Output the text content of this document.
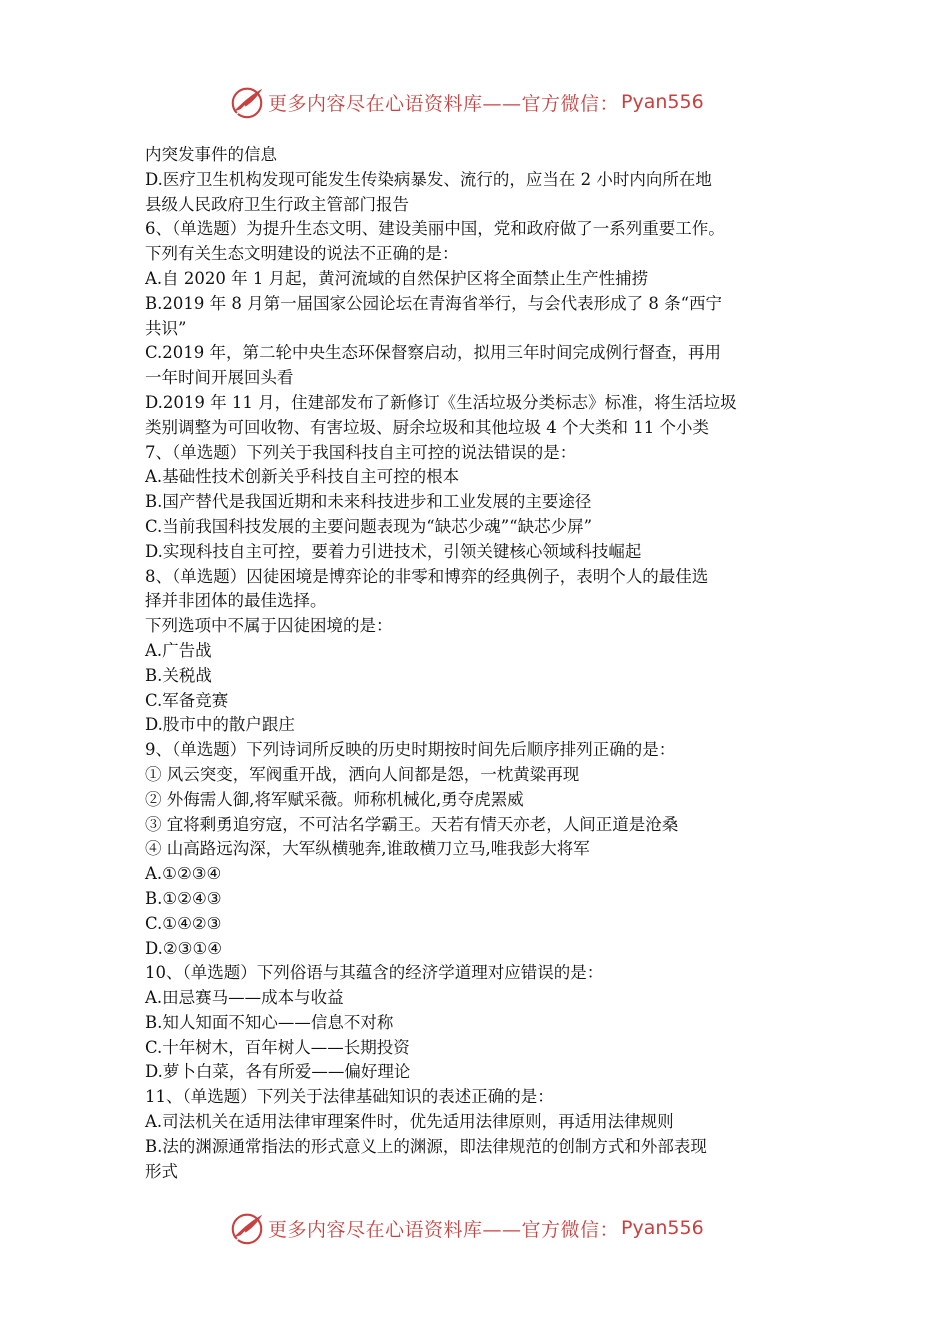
更多内容尽在心语资料库——官方微信： Pyan556

内突发事件的信息

D.医疗卫生机构发现可能发生传染病暴发、流行的，应当在 2 小时内向所在地

县级人民政府卫生行政主管部门报告

6、（单选题）为提升生态文明、建设美丽中国，党和政府做了一系列重要工作。

下列有关生态文明建设的说法不正确的是：

A.自 2020 年 1 月起，黄河流域的自然保护区将全面禁止生产性捕捞

B.2019 年 8 月第一届国家公园论坛在青海省举行，与会代表形成了 8 条“西宁

共识”

C.2019 年，第二轮中央生态环保督察启动，拟用三年时间完成例行督查，再用

一年时间开展回头看

D.2019 年 11 月，住建部发布了新修订《生活垃圾分类标志》标准，将生活垃圾

类别调整为可回收物、有害垃圾、厨余垃圾和其他垃圾 4 个大类和 11 个小类

7、（单选题）下列关于我国科技自主可控的说法错误的是：

A.基础性技术创新关乎科技自主可控的根本

B.国产替代是我国近期和未来科技进步和工业发展的主要途径

C.当前我国科技发展的主要问题表现为“缺芯少魂”“缺芯少屏”

D.实现科技自主可控，要着力引进技术，引领关键核心领域科技崛起

8、（单选题）囚徒困境是博弈论的非零和博弈的经典例子，表明个人的最佳选

择并非团体的最佳选择。

下列选项中不属于囚徒困境的是：

A.广告战

B.关税战

C.军备竞赛

D.股市中的散户跟庄

9、（单选题）下列诗词所反映的历史时期按时间先后顺序排列正确的是：

① 风云突变，军阀重开战，洒向人间都是怨，一枕黄粱再现

② 外侮需人御,将军赋采薇。师称机械化,勇夺虎罴威

③ 宜将剩勇追穷寇，不可沽名学霸王。天若有情天亦老，人间正道是沧桑

④ 山高路远沟深，大军纵横驰奔,谁敢横刀立马,唯我彭大将军

A.①②③④

B.①②④③

C.①④②③

D.②③①④

10、（单选题）下列俗语与其蕴含的经济学道理对应错误的是：

A.田忌赛马——成本与收益

B.知人知面不知心——信息不对称

C.十年树木，百年树人——长期投资

D.萝卜白菜，各有所爱——偏好理论

11、（单选题）下列关于法律基础知识的表述正确的是：

A.司法机关在适用法律审理案件时，优先适用法律原则，再适用法律规则

B.法的渊源通常指法的形式意义上的渊源，即法律规范的创制方式和外部表现

形式

更多内容尽在心语资料库——官方微信： Pyan556
